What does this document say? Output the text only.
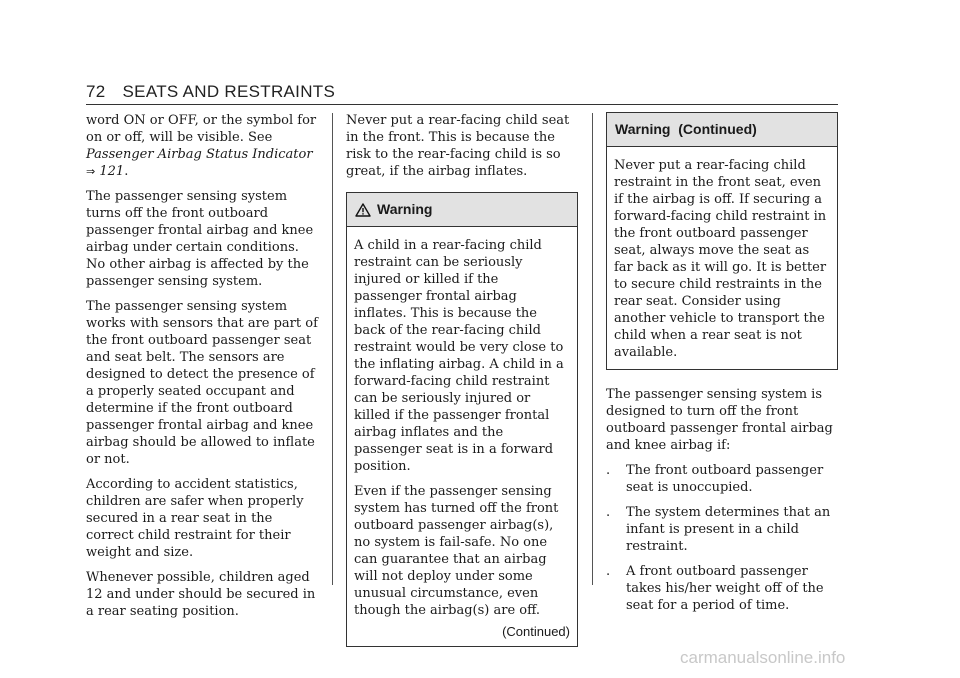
72 SEATS AND RESTRAINTS

word ON or OFF, or the symbol for on or off, will be visible. See Passenger Airbag Status Indicator ⇒ 121.

The passenger sensing system turns off the front outboard passenger frontal airbag and knee airbag under certain conditions. No other airbag is affected by the passenger sensing system.

The passenger sensing system works with sensors that are part of the front outboard passenger seat and seat belt. The sensors are designed to detect the presence of a properly seated occupant and determine if the front outboard passenger frontal airbag and knee airbag should be allowed to inflate or not.

According to accident statistics, children are safer when properly secured in a rear seat in the correct child restraint for their weight and size.

Whenever possible, children aged 12 and under should be secured in a rear seating position.

Never put a rear-facing child seat in the front. This is because the risk to the rear-facing child is so great, if the airbag inflates.

Warning

A child in a rear-facing child restraint can be seriously injured or killed if the passenger frontal airbag inflates. This is because the back of the rear-facing child restraint would be very close to the inflating airbag. A child in a forward-facing child restraint can be seriously injured or killed if the passenger frontal airbag inflates and the passenger seat is in a forward position.

Even if the passenger sensing system has turned off the front outboard passenger airbag(s), no system is fail-safe. No one can guarantee that an airbag will not deploy under some unusual circumstance, even though the airbag(s) are off.

(Continued)
Warning  (Continued)

Never put a rear-facing child restraint in the front seat, even if the airbag is off. If securing a forward-facing child restraint in the front outboard passenger seat, always move the seat as far back as it will go. It is better to secure child restraints in the rear seat. Consider using another vehicle to transport the child when a rear seat is not available.

The passenger sensing system is designed to turn off the front outboard passenger frontal airbag and knee airbag if:

. The front outboard passenger seat is unoccupied.
. The system determines that an infant is present in a child restraint.
. A front outboard passenger takes his/her weight off of the seat for a period of time.
carmanualsonline.info
